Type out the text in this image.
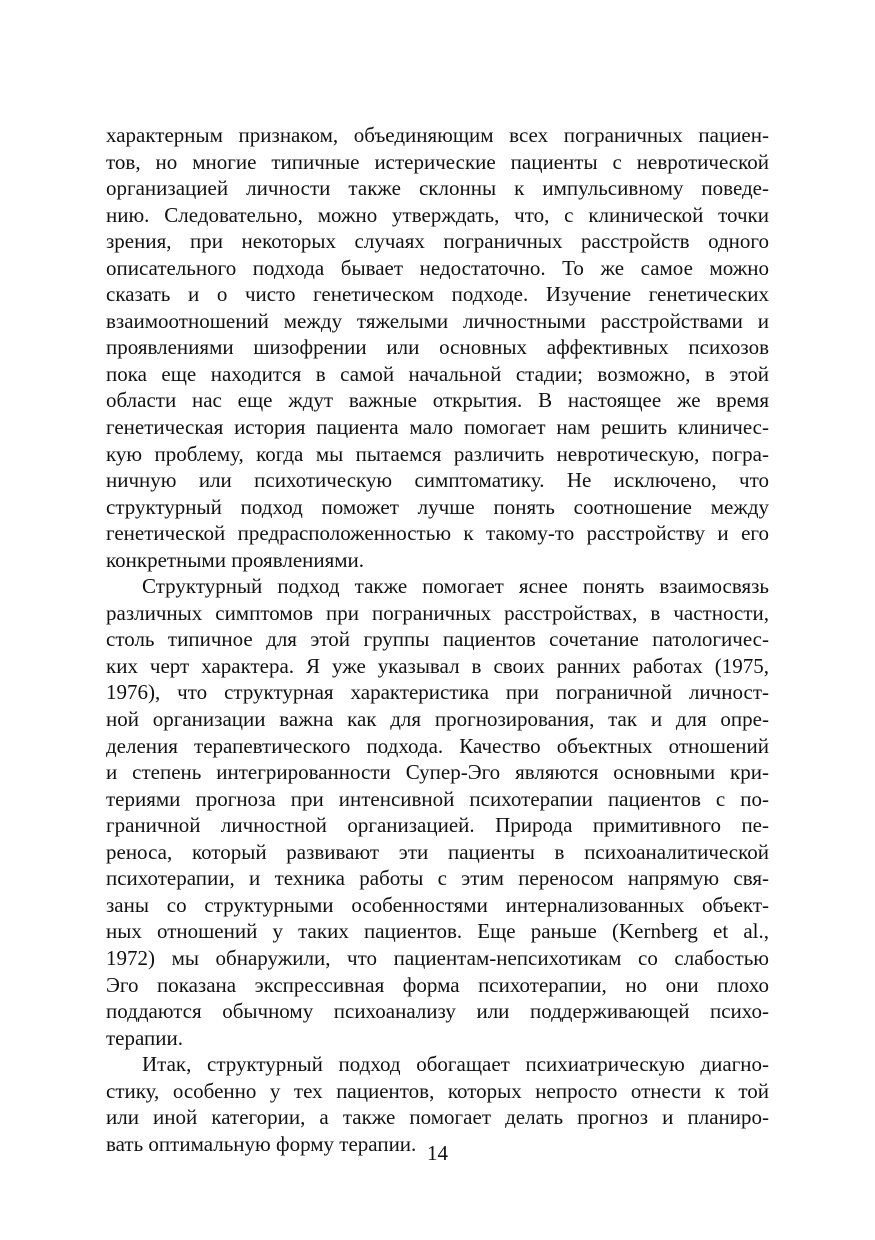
характерным признаком, объединяющим всех пограничных пациен-
тов, но многие типичные истерические пациенты с невротической
организацией личности также склонны к импульсивному поведе-
нию. Следовательно, можно утверждать, что, с клинической точки
зрения, при некоторых случаях пограничных расстройств одного
описательного подхода бывает недостаточно. То же самое можно
сказать и о чисто генетическом подходе. Изучение генетических
взаимоотношений между тяжелыми личностными расстройствами и
проявлениями шизофрении или основных аффективных психозов
пока еще находится в самой начальной стадии; возможно, в этой
области нас еще ждут важные открытия. В настоящее же время
генетическая история пациента мало помогает нам решить клиничес-
кую проблему, когда мы пытаемся различить невротическую, погра-
ничную или психотическую симптоматику. Не исключено, что
структурный подход поможет лучше понять соотношение между
генетической предрасположенностью к такому-то расстройству и его
конкретными проявлениями.
Структурный подход также помогает яснее понять взаимосвязь
различных симптомов при пограничных расстройствах, в частности,
столь типичное для этой группы пациентов сочетание патологичес-
ких черт характера. Я уже указывал в своих ранних работах (1975,
1976), что структурная характеристика при пограничной личност-
ной организации важна как для прогнозирования, так и для опре-
деления терапевтического подхода. Качество объектных отношений
и степень интегрированности Супер-Эго являются основными кри-
териями прогноза при интенсивной психотерапии пациентов с по-
граничной личностной организацией. Природа примитивного пе-
реноса, который развивают эти пациенты в психоаналитической
психотерапии, и техника работы с этим переносом напрямую свя-
заны со структурными особенностями интернализованных объект-
ных отношений у таких пациентов. Еще раньше (Kernberg et al.,
1972) мы обнаружили, что пациентам-непсихотикам со слабостью
Эго показана экспрессивная форма психотерапии, но они плохо
поддаются обычному психоанализу или поддерживающей психо-
терапии.
Итак, структурный подход обогащает психиатрическую диагно-
стику, особенно у тех пациентов, которых непросто отнести к той
или иной категории, а также помогает делать прогноз и планиро-
вать оптимальную форму терапии. 14
